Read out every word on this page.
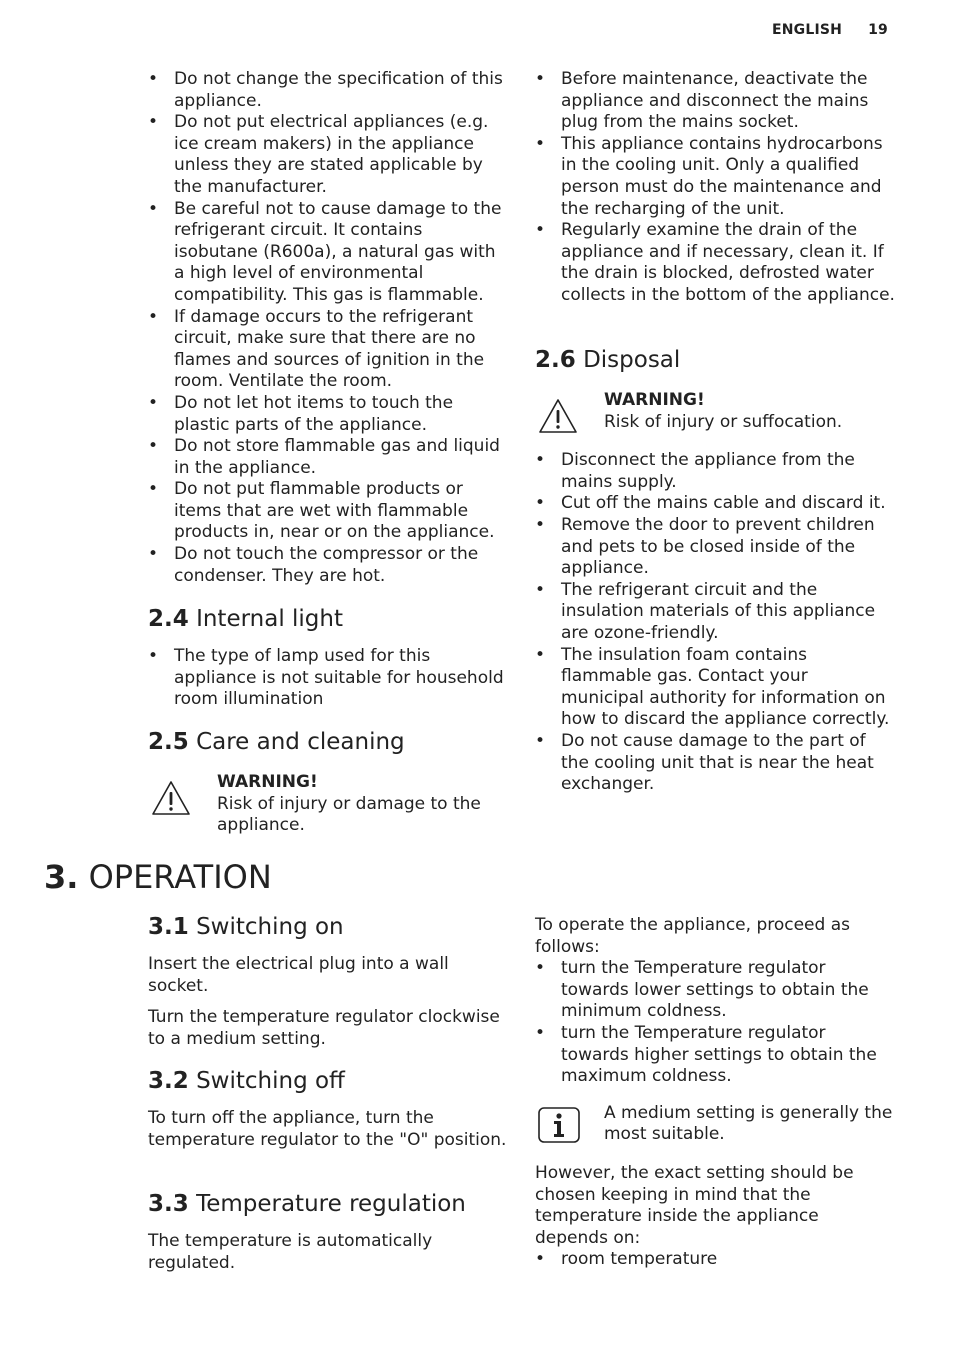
ENGLISH 19
• Do not change the specification of this appliance.
• Do not put electrical appliances (e.g. ice cream makers) in the appliance unless they are stated applicable by the manufacturer.
• Be careful not to cause damage to the refrigerant circuit. It contains isobutane (R600a), a natural gas with a high level of environmental compatibility. This gas is flammable.
• If damage occurs to the refrigerant circuit, make sure that there are no flames and sources of ignition in the room. Ventilate the room.
• Do not let hot items to touch the plastic parts of the appliance.
• Do not store flammable gas and liquid in the appliance.
• Do not put flammable products or items that are wet with flammable products in, near or on the appliance.
• Do not touch the compressor or the condenser. They are hot.
2.4 Internal light
• The type of lamp used for this appliance is not suitable for household room illumination
2.5 Care and cleaning
WARNING!
Risk of injury or damage to the appliance.
• Before maintenance, deactivate the appliance and disconnect the mains plug from the mains socket.
• This appliance contains hydrocarbons in the cooling unit. Only a qualified person must do the maintenance and the recharging of the unit.
• Regularly examine the drain of the appliance and if necessary, clean it. If the drain is blocked, defrosted water collects in the bottom of the appliance.
2.6 Disposal
WARNING!
Risk of injury or suffocation.
• Disconnect the appliance from the mains supply.
• Cut off the mains cable and discard it.
• Remove the door to prevent children and pets to be closed inside of the appliance.
• The refrigerant circuit and the insulation materials of this appliance are ozone-friendly.
• The insulation foam contains flammable gas. Contact your municipal authority for information on how to discard the appliance correctly.
• Do not cause damage to the part of the cooling unit that is near the heat exchanger.
3. OPERATION
3.1 Switching on

Insert the electrical plug into a wall socket.

Turn the temperature regulator clockwise to a medium setting.

3.2 Switching off

To turn off the appliance, turn the temperature regulator to the "O" position.

3.3 Temperature regulation

The temperature is automatically regulated.

To operate the appliance, proceed as follows:

• turn the Temperature regulator towards lower settings to obtain the minimum coldness.
• turn the Temperature regulator towards higher settings to obtain the maximum coldness.
A medium setting is generally the most suitable.

However, the exact setting should be chosen keeping in mind that the temperature inside the appliance depends on:

• room temperature
